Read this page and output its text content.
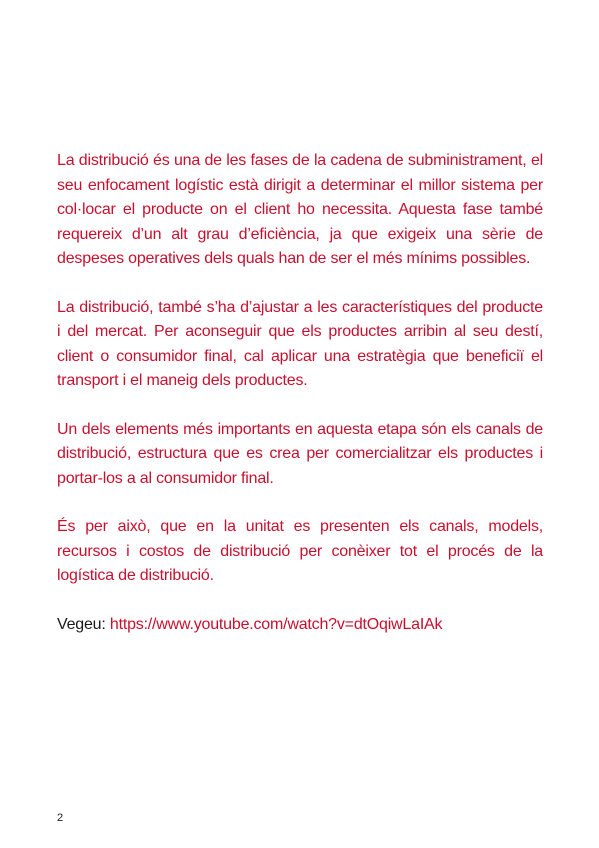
La distribució és una de les fases de la cadena de subministrament, el seu enfocament logístic està dirigit a determinar el millor sistema per col·locar el producte on el client ho necessita. Aquesta fase també requereix d’un alt grau d’eficiència, ja que exigeix una sèrie de despeses operatives dels quals han de ser el més mínims possibles.

La distribució, també s’ha d’ajustar a les característiques del producte i del mercat. Per aconseguir que els productes arribin al seu destí, client o consumidor final, cal aplicar una estratègia que beneficiï el transport i el maneig dels productes.

Un dels elements més importants en aquesta etapa són els canals de distribució, estructura que es crea per comercialitzar els productes i portar-los a al consumidor final.

És per això, que en la unitat es presenten els canals, models, recursos i costos de distribució per conèixer tot el procés de la logística de distribució.

Vegeu: https://www.youtube.com/watch?v=dtOqiwLaIAk

2
